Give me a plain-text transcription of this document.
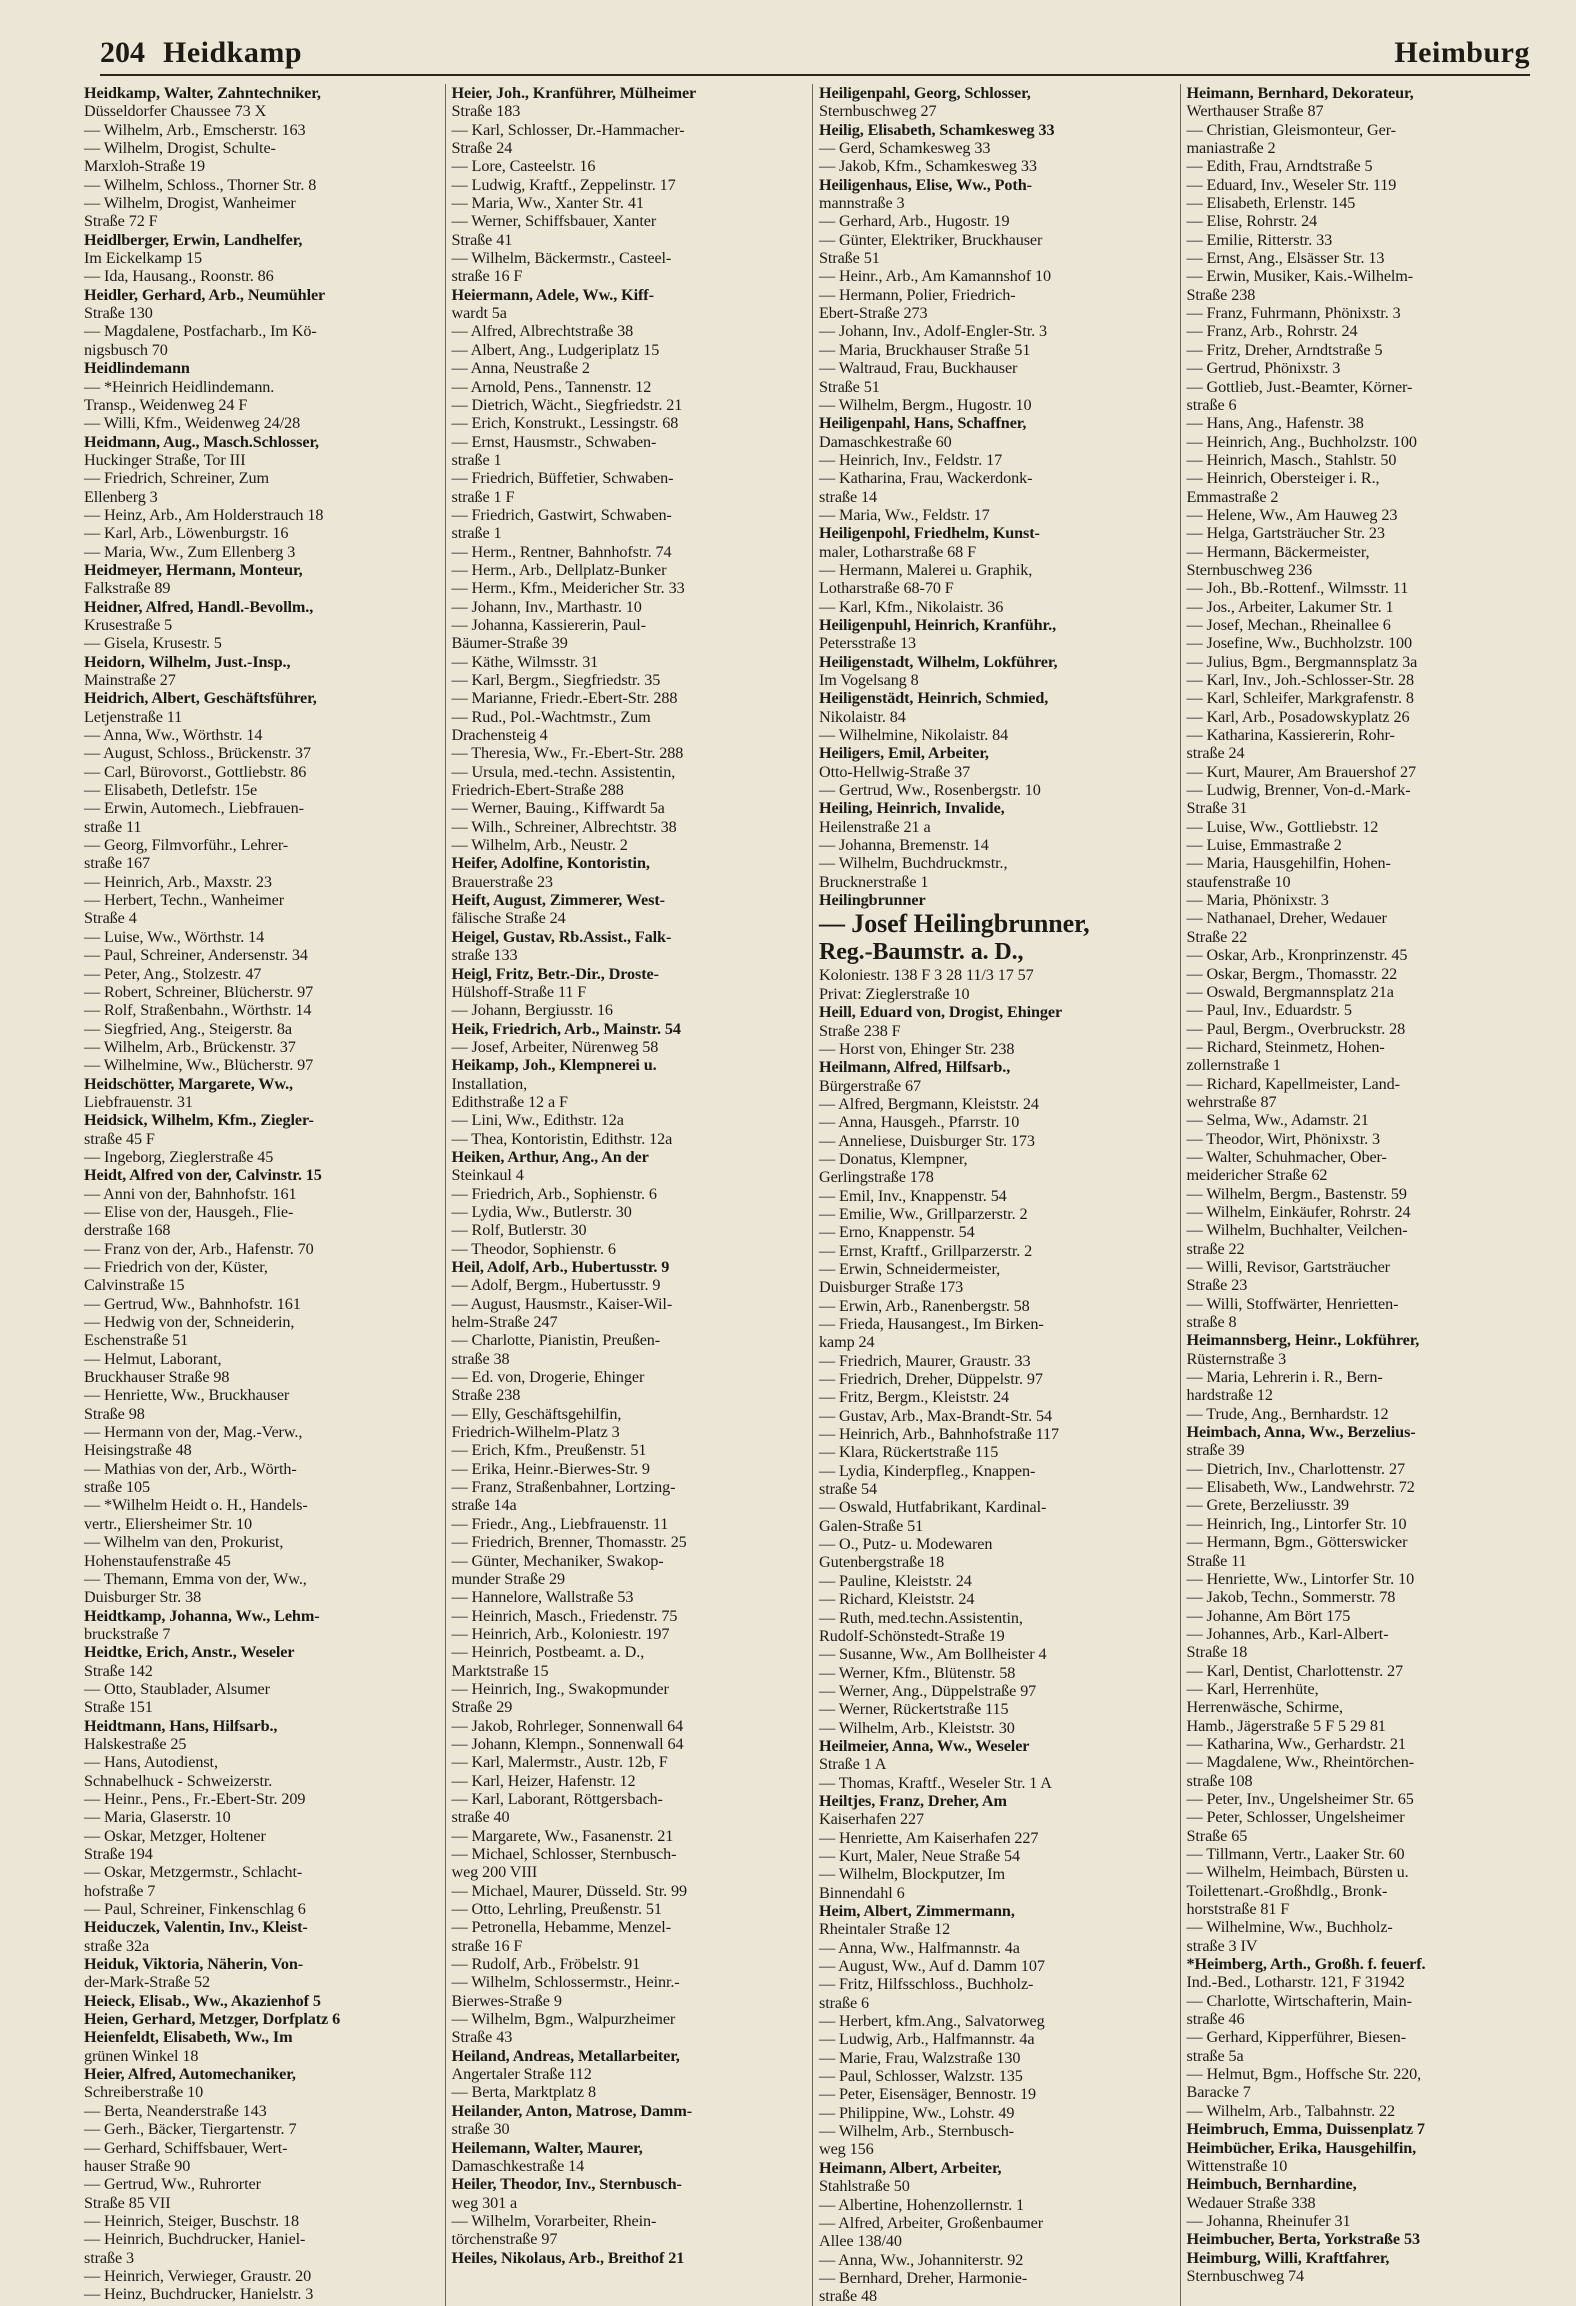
204 Heidkamp	Heimburg
Heidkamp, Walter, Zahntechniker,
Düsseldorfer Chaussee 73 X
— Wilhelm, Arb., Emscherstr. 163
— Wilhelm, Drogist, Schulte-
Marxloh-Straße 19
— Wilhelm, Schloss., Thorner Str. 8
— Wilhelm, Drogist, Wanheimer
Straße 72 F
Heidlberger, Erwin, Landhelfer,
Im Eickelkamp 15
— Ida, Hausang., Roonstr. 86
Heidler, Gerhard, Arb., Neumühler
Straße 130
— Magdalene, Postfacharb., Im Kö-
nigsbusch 70
Heidlindemann
— *Heinrich Heidlindemann.
Transp., Weidenweg 24 F
— Willi, Kfm., Weidenweg 24/28
Heidmann, Aug., Masch.Schlosser,
Huckinger Straße, Tor III
— Friedrich, Schreiner, Zum
Ellenberg 3
— Heinz, Arb., Am Holderstrauch 18
— Karl, Arb., Löwenburgstr. 16
— Maria, Ww., Zum Ellenberg 3
Heidmeyer, Hermann, Monteur,
Falkstraße 89
Heidner, Alfred, Handl.-Bevollm.,
Krusestraße 5
— Gisela, Krusestr. 5
Heidorn, Wilhelm, Just.-Insp.,
Mainstraße 27
Heidrich, Albert, Geschäftsführer,
Letjenstraße 11
— Anna, Ww., Wörthstr. 14
— August, Schloss., Brückenstr. 37
— Carl, Bürovorst., Gottliebstr. 86
— Elisabeth, Detlefstr. 15e
— Erwin, Automech., Liebfrauen-
straße 11
— Georg, Filmvorführ., Lehrer-
straße 167
— Heinrich, Arb., Maxstr. 23
— Herbert, Techn., Wanheimer
Straße 4
— Luise, Ww., Wörthstr. 14
— Paul, Schreiner, Andersenstr. 34
— Peter, Ang., Stolzestr. 47
— Robert, Schreiner, Blücherstr. 97
— Rolf, Straßenbahn., Wörthstr. 14
— Siegfried, Ang., Steigerstr. 8a
— Wilhelm, Arb., Brückenstr. 37
— Wilhelmine, Ww., Blücherstr. 97
Heidschötter, Margarete, Ww.,
Liebfrauenstr. 31
Heidsick, Wilhelm, Kfm., Ziegler-
straße 45 F
— Ingeborg, Zieglerstraße 45
Heidt, Alfred von der, Calvinstr. 15
— Anni von der, Bahnhofstr. 161
— Elise von der, Hausgeh., Flie-
derstraße 168
— Franz von der, Arb., Hafenstr. 70
— Friedrich von der, Küster,
Calvinstraße 15
— Gertrud, Ww., Bahnhofstr. 161
— Hedwig von der, Schneiderin,
Eschenstraße 51
— Helmut, Laborant,
Bruckhauser Straße 98
— Henriette, Ww., Bruckhauser
Straße 98
— Hermann von der, Mag.-Verw.,
Heisingstraße 48
— Mathias von der, Arb., Wörth-
straße 105
— *Wilhelm Heidt o. H., Handels-
vertr., Eliersheimer Str. 10
— Wilhelm van den, Prokurist,
Hohenstaufenstraße 45
— Themann, Emma von der, Ww.,
Duisburger Str. 38
Heidtkamp, Johanna, Ww., Lehm-
bruckstraße 7
Heidtke, Erich, Anstr., Weseler
Straße 142
— Otto, Staublader, Alsumer
Straße 151
Heidtmann, Hans, Hilfsarb.,
Halskestraße 25
— Hans, Autodienst,
Schnabelhuck - Schweizerstr.
— Heinr., Pens., Fr.-Ebert-Str. 209
— Maria, Glaserstr. 10
— Oskar, Metzger, Holtener
Straße 194
— Oskar, Metzgermstr., Schlacht-
hofstraße 7
— Paul, Schreiner, Finkenschlag 6
Heiduczek, Valentin, Inv., Kleist-
straße 32a
Heiduk, Viktoria, Näherin, Von-
der-Mark-Straße 52
Heieck, Elisab., Ww., Akazienhof 5
Heien, Gerhard, Metzger, Dorfplatz 6
Heienfeldt, Elisabeth, Ww., Im
grünen Winkel 18
Heier, Alfred, Automechaniker,
Schreiberstraße 10
— Berta, Neanderstraße 143
— Gerh., Bäcker, Tiergartenstr. 7
— Gerhard, Schiffsbauer, Wert-
hauser Straße 90
— Gertrud, Ww., Ruhrorter
Straße 85 VII
— Heinrich, Steiger, Buschstr. 18
— Heinrich, Buchdrucker, Haniel-
straße 3
— Heinrich, Verwieger, Graustr. 20
— Heinz, Buchdrucker, Hanielstr. 3
Heier, Joh., Kranführer, Mülheimer
Straße 183
— Karl, Schlosser, Dr.-Hammacher-
Straße 24
— Lore, Casteelstr. 16
— Ludwig, Kraftf., Zeppelinstr. 17
— Maria, Ww., Xanter Str. 41
— Werner, Schiffsbauer, Xanter
Straße 41
— Wilhelm, Bäckermstr., Casteel-
straße 16 F
Heiermann, Adele, Ww., Kiff-
wardt 5a
— Alfred, Albrechtstraße 38
— Albert, Ang., Ludgeriplatz 15
— Anna, Neustraße 2
— Arnold, Pens., Tannenstr. 12
— Dietrich, Wächt., Siegfriedstr. 21
— Erich, Konstrukt., Lessingstr. 68
— Ernst, Hausmstr., Schwaben-
straße 1
— Friedrich, Büffetier, Schwaben-
straße 1 F
— Friedrich, Gastwirt, Schwaben-
straße 1
— Herm., Rentner, Bahnhofstr. 74
— Herm., Arb., Dellplatz-Bunker
— Herm., Kfm., Meidericher Str. 33
— Johann, Inv., Marthastr. 10
— Johanna, Kassiererin, Paul-
Bäumer-Straße 39
— Käthe, Wilmsstr. 31
— Karl, Bergm., Siegfriedstr. 35
— Marianne, Friedr.-Ebert-Str. 288
— Rud., Pol.-Wachtmstr., Zum
Drachensteig 4
— Theresia, Ww., Fr.-Ebert-Str. 288
— Ursula, med.-techn. Assistentin,
Friedrich-Ebert-Straße 288
— Werner, Bauing., Kiffwardt 5a
— Wilh., Schreiner, Albrechtstr. 38
— Wilhelm, Arb., Neustr. 2
Heifer, Adolfine, Kontoristin,
Brauerstraße 23
Heift, August, Zimmerer, West-
fälische Straße 24
Heigel, Gustav, Rb.Assist., Falk-
straße 133
Heigl, Fritz, Betr.-Dir., Droste-
Hülshoff-Straße 11 F
— Johann, Bergiusstr. 16
Heik, Friedrich, Arb., Mainstr. 54
— Josef, Arbeiter, Nürenweg 58
Heikamp, Joh., Klempnerei u.
Installation,
Edithstraße 12 a F
— Lini, Ww., Edithstr. 12a
— Thea, Kontoristin, Edithstr. 12a
Heiken, Arthur, Ang., An der
Steinkaul 4
— Friedrich, Arb., Sophienstr. 6
— Lydia, Ww., Butlerstr. 30
— Rolf, Butlerstr. 30
— Theodor, Sophienstr. 6
Heil, Adolf, Arb., Hubertusstr. 9
— Adolf, Bergm., Hubertusstr. 9
— August, Hausmstr., Kaiser-Wil-
helm-Straße 247
— Charlotte, Pianistin, Preußen-
straße 38
— Ed. von, Drogerie, Ehinger
Straße 238
— Elly, Geschäftsgehilfin,
Friedrich-Wilhelm-Platz 3
— Erich, Kfm., Preußenstr. 51
— Erika, Heinr.-Bierwes-Str. 9
— Franz, Straßenbahner, Lortzing-
straße 14a
— Friedr., Ang., Liebfrauenstr. 11
— Friedrich, Brenner, Thomasstr. 25
— Günter, Mechaniker, Swakop-
munder Straße 29
— Hannelore, Wallstraße 53
— Heinrich, Masch., Friedenstr. 75
— Heinrich, Arb., Koloniestr. 197
— Heinrich, Postbeamt. a. D.,
Marktstraße 15
— Heinrich, Ing., Swakopmunder
Straße 29
— Jakob, Rohrleger, Sonnenwall 64
— Johann, Klempn., Sonnenwall 64
— Karl, Malermstr., Austr. 12b, F
— Karl, Heizer, Hafenstr. 12
— Karl, Laborant, Röttgersbach-
straße 40
— Margarete, Ww., Fasanenstr. 21
— Michael, Schlosser, Sternbusch-
weg 200 VIII
— Michael, Maurer, Düsseld. Str. 99
— Otto, Lehrling, Preußenstr. 51
— Petronella, Hebamme, Menzel-
straße 16 F
— Rudolf, Arb., Fröbelstr. 91
— Wilhelm, Schlossermstr., Heinr.-
Bierwes-Straße 9
— Wilhelm, Bgm., Walpurzheimer
Straße 43
Heiland, Andreas, Metallarbeiter,
Angertaler Straße 112
— Berta, Marktplatz 8
Heilander, Anton, Matrose, Damm-
straße 30
Heilemann, Walter, Maurer,
Damaschkestraße 14
Heiler, Theodor, Inv., Sternbusch-
weg 301 a
— Wilhelm, Vorarbeiter, Rhein-
törchenstraße 97
Heiles, Nikolaus, Arb., Breithof 21
Heiligenpahl, Georg, Schlosser,
Sternbuschweg 27
Heilig, Elisabeth, Schamkesweg 33
— Gerd, Schamkesweg 33
— Jakob, Kfm., Schamkesweg 33
Heiligenhaus, Elise, Ww., Poth-
mannstraße 3
— Gerhard, Arb., Hugostr. 19
— Günter, Elektriker, Bruckhauser
Straße 51
— Heinr., Arb., Am Kamannshof 10
— Hermann, Polier, Friedrich-
Ebert-Straße 273
— Johann, Inv., Adolf-Engler-Str. 3
— Maria, Bruckhauser Straße 51
— Waltraud, Frau, Buckhauser
Straße 51
— Wilhelm, Bergm., Hugostr. 10
Heiligenpahl, Hans, Schaffner,
Damaschkestraße 60
— Heinrich, Inv., Feldstr. 17
— Katharina, Frau, Wackerdonk-
straße 14
— Maria, Ww., Feldstr. 17
Heiligenpohl, Friedhelm, Kunst-
maler, Lotharstraße 68 F
— Hermann, Malerei u. Graphik,
Lotharstraße 68-70 F
— Karl, Kfm., Nikolaistr. 36
Heiligenpuhl, Heinrich, Kranführ.,
Petersstraße 13
Heiligenstadt, Wilhelm, Lokführer,
Im Vogelsang 8
Heiligenstädt, Heinrich, Schmied,
Nikolaistr. 84
— Wilhelmine, Nikolaistr. 84
Heiligers, Emil, Arbeiter,
Otto-Hellwig-Straße 37
— Gertrud, Ww., Rosenbergstr. 10
Heiling, Heinrich, Invalide,
Heilenstraße 21 a
— Johanna, Bremenstr. 14
— Wilhelm, Buchdruckmstr.,
Brucknerstraße 1
Heilingbrunner
— Josef Heilingbrunner,
Reg.-Baumstr. a. D.,
Koloniestr. 138 F 3 28 11/3 17 57
Privat: Zieglerstraße 10
Heill, Eduard von, Drogist, Ehinger
Straße 238 F
— Horst von, Ehinger Str. 238
Heilmann, Alfred, Hilfsarb.,
Bürgerstraße 67
— Alfred, Bergmann, Kleiststr. 24
— Anna, Hausgeh., Pfarrstr. 10
— Anneliese, Duisburger Str. 173
— Donatus, Klempner,
Gerlingstraße 178
— Emil, Inv., Knappenstr. 54
— Emilie, Ww., Grillparzerstr. 2
— Erno, Knappenstr. 54
— Ernst, Kraftf., Grillparzerstr. 2
— Erwin, Schneidermeister,
Duisburger Straße 173
— Erwin, Arb., Ranenbergstr. 58
— Frieda, Hausangest., Im Birken-
kamp 24
— Friedrich, Maurer, Graustr. 33
— Friedrich, Dreher, Düppelstr. 97
— Fritz, Bergm., Kleiststr. 24
— Gustav, Arb., Max-Brandt-Str. 54
— Heinrich, Arb., Bahnhofstraße 117
— Klara, Rückertstraße 115
— Lydia, Kinderpfleg., Knappen-
straße 54
— Oswald, Hutfabrikant, Kardinal-
Galen-Straße 51
— O., Putz- u. Modewaren
Gutenbergstraße 18
— Pauline, Kleiststr. 24
— Richard, Kleiststr. 24
— Ruth, med.techn.Assistentin,
Rudolf-Schönstedt-Straße 19
— Susanne, Ww., Am Bollheister 4
— Werner, Kfm., Blütenstr. 58
— Werner, Ang., Düppelstraße 97
— Werner, Rückertstraße 115
— Wilhelm, Arb., Kleiststr. 30
Heilmeier, Anna, Ww., Weseler
Straße 1 A
— Thomas, Kraftf., Weseler Str. 1 A
Heiltjes, Franz, Dreher, Am
Kaiserhafen 227
— Henriette, Am Kaiserhafen 227
— Kurt, Maler, Neue Straße 54
— Wilhelm, Blockputzer, Im
Binnendahl 6
Heim, Albert, Zimmermann,
Rheintaler Straße 12
— Anna, Ww., Halfmannstr. 4a
— August, Ww., Auf d. Damm 107
— Fritz, Hilfsschloss., Buchholz-
straße 6
— Herbert, kfm.Ang., Salvatorweg
— Ludwig, Arb., Halfmannstr. 4a
— Marie, Frau, Walzstraße 130
— Paul, Schlosser, Walzstr. 135
— Peter, Eisensäger, Bennostr. 19
— Philippine, Ww., Lohstr. 49
— Wilhelm, Arb., Sternbusch-
weg 156
Heimann, Albert, Arbeiter,
Stahlstraße 50
— Albertine, Hohenzollernstr. 1
— Alfred, Arbeiter, Großenbaumer
Allee 138/40
— Anna, Ww., Johanniterstr. 92
— Bernhard, Dreher, Harmonie-
straße 48
Heimann, Bernhard, Dekorateur,
Werthauser Straße 87
— Christian, Gleismonteur, Ger-
maniastraße 2
— Edith, Frau, Arndtstraße 5
— Eduard, Inv., Weseler Str. 119
— Elisabeth, Erlenstr. 145
— Elise, Rohrstr. 24
— Emilie, Ritterstr. 33
— Ernst, Ang., Elsässer Str. 13
— Erwin, Musiker, Kais.-Wilhelm-
Straße 238
— Franz, Fuhrmann, Phönixstr. 3
— Franz, Arb., Rohrstr. 24
— Fritz, Dreher, Arndtstraße 5
— Gertrud, Phönixstr. 3
— Gottlieb, Just.-Beamter, Körner-
straße 6
— Hans, Ang., Hafenstr. 38
— Heinrich, Ang., Buchholzstr. 100
— Heinrich, Masch., Stahlstr. 50
— Heinrich, Obersteiger i. R.,
Emmastraße 2
— Helene, Ww., Am Hauweg 23
— Helga, Gartsträucher Str. 23
— Hermann, Bäckermeister,
Sternbuschweg 236
— Joh., Bb.-Rottenf., Wilmsstr. 11
— Jos., Arbeiter, Lakumer Str. 1
— Josef, Mechan., Rheinallee 6
— Josefine, Ww., Buchholzstr. 100
— Julius, Bgm., Bergmannsplatz 3a
— Karl, Inv., Joh.-Schlosser-Str. 28
— Karl, Schleifer, Markgrafenstr. 8
— Karl, Arb., Posadowskyplatz 26
— Katharina, Kassiererin, Rohr-
straße 24
— Kurt, Maurer, Am Brauershof 27
— Ludwig, Brenner, Von-d.-Mark-
Straße 31
— Luise, Ww., Gottliebstr. 12
— Luise, Emmastraße 2
— Maria, Hausgehilfin, Hohen-
staufenstraße 10
— Maria, Phönixstr. 3
— Nathanael, Dreher, Wedauer
Straße 22
— Oskar, Arb., Kronprinzenstr. 45
— Oskar, Bergm., Thomasstr. 22
— Oswald, Bergmannsplatz 21a
— Paul, Inv., Eduardstr. 5
— Paul, Bergm., Overbruckstr. 28
— Richard, Steinmetz, Hohen-
zollernstraße 1
— Richard, Kapellmeister, Land-
wehrstraße 87
— Selma, Ww., Adamstr. 21
— Theodor, Wirt, Phönixstr. 3
— Walter, Schuhmacher, Ober-
meidericher Straße 62
— Wilhelm, Bergm., Bastenstr. 59
— Wilhelm, Einkäufer, Rohrstr. 24
— Wilhelm, Buchhalter, Veilchen-
straße 22
— Willi, Revisor, Gartsträucher
Straße 23
— Willi, Stoffwärter, Henrietten-
straße 8
Heimannsberg, Heinr., Lokführer,
Rüsternstraße 3
— Maria, Lehrerin i. R., Bern-
hardstraße 12
— Trude, Ang., Bernhardstr. 12
Heimbach, Anna, Ww., Berzelius-
straße 39
— Dietrich, Inv., Charlottenstr. 27
— Elisabeth, Ww., Landwehrstr. 72
— Grete, Berzeliusstr. 39
— Heinrich, Ing., Lintorfer Str. 10
— Hermann, Bgm., Götterswicker
Straße 11
— Henriette, Ww., Lintorfer Str. 10
— Jakob, Techn., Sommerstr. 78
— Johanne, Am Bört 175
— Johannes, Arb., Karl-Albert-
Straße 18
— Karl, Dentist, Charlottenstr. 27
— Karl, Herrenhüte,
Herrenwäsche, Schirme,
Hamb., Jägerstraße 5 F 5 29 81
— Katharina, Ww., Gerhardstr. 21
— Magdalene, Ww., Rheintörchen-
straße 108
— Peter, Inv., Ungelsheimer Str. 65
— Peter, Schlosser, Ungelsheimer
Straße 65
— Tillmann, Vertr., Laaker Str. 60
— Wilhelm, Heimbach, Bürsten u.
Toilettenart.-Großhdlg., Bronk-
horststraße 81 F
— Wilhelmine, Ww., Buchholz-
straße 3 IV
*Heimberg, Arth., Großh. f. feuerf.
Ind.-Bed., Lotharstr. 121, F 31942
— Charlotte, Wirtschafterin, Main-
straße 46
— Gerhard, Kipperführer, Biesen-
straße 5a
— Helmut, Bgm., Hoffsche Str. 220,
Baracke 7
— Wilhelm, Arb., Talbahnstr. 22
Heimbruch, Emma, Duissenplatz 7
Heimbücher, Erika, Hausgehilfin,
Wittenstraße 10
Heimbuch, Bernhardine,
Wedauer Straße 338
— Johanna, Rheinufer 31
Heimbucher, Berta, Yorkstraße 53
Heimburg, Willi, Kraftfahrer,
Sternbuschweg 74
